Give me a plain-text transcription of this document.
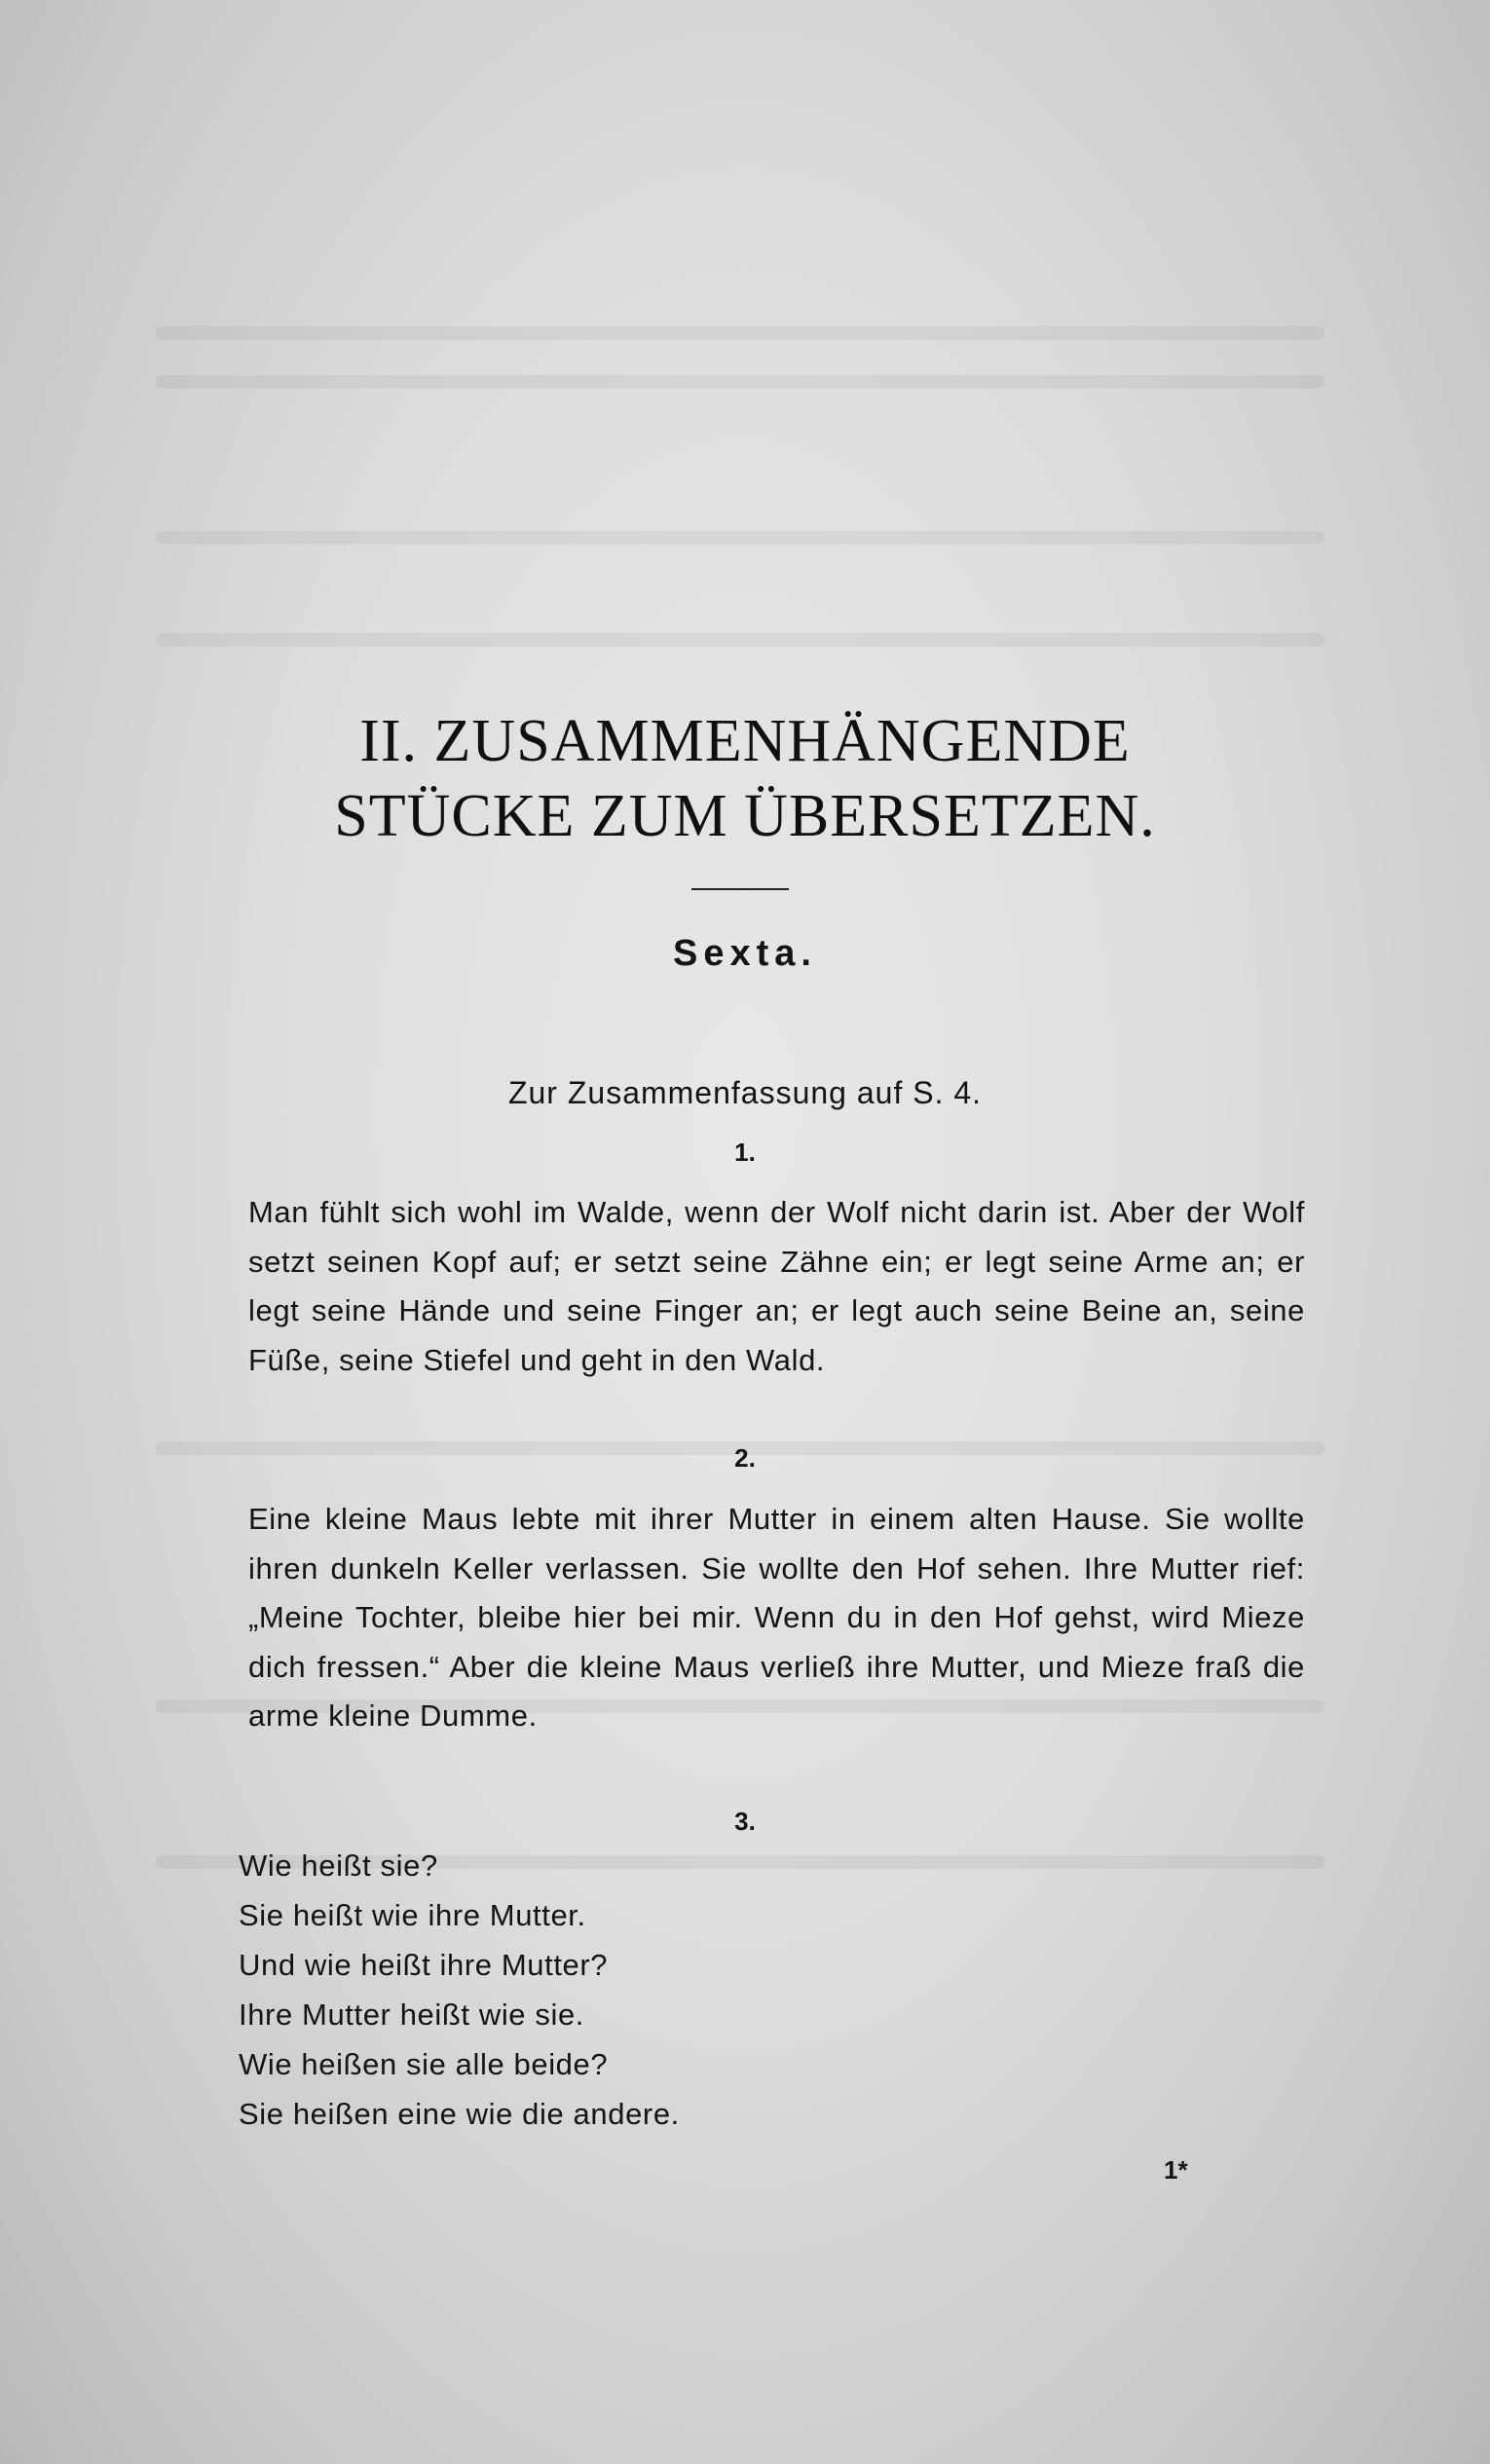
II. ZUSAMMENHÄNGENDE
STÜCKE ZUM ÜBERSETZEN.
Sexta.
Zur Zusammenfassung auf S. 4.
1.
Man fühlt sich wohl im Walde, wenn der Wolf nicht darin ist. Aber der Wolf setzt seinen Kopf auf; er setzt seine Zähne ein; er legt seine Arme an; er legt seine Hände und seine Finger an; er legt auch seine Beine an, seine Füße, seine Stiefel und geht in den Wald.
2.
Eine kleine Maus lebte mit ihrer Mutter in einem alten Hause. Sie wollte ihren dunkeln Keller verlassen. Sie wollte den Hof sehen. Ihre Mutter rief: „Meine Tochter, bleibe hier bei mir. Wenn du in den Hof gehst, wird Mieze dich fressen.“ Aber die kleine Maus verließ ihre Mutter, und Mieze fraß die arme kleine Dumme.
3.
Wie heißt sie?
Sie heißt wie ihre Mutter.
Und wie heißt ihre Mutter?
Ihre Mutter heißt wie sie.
Wie heißen sie alle beide?
Sie heißen eine wie die andere.
1*
